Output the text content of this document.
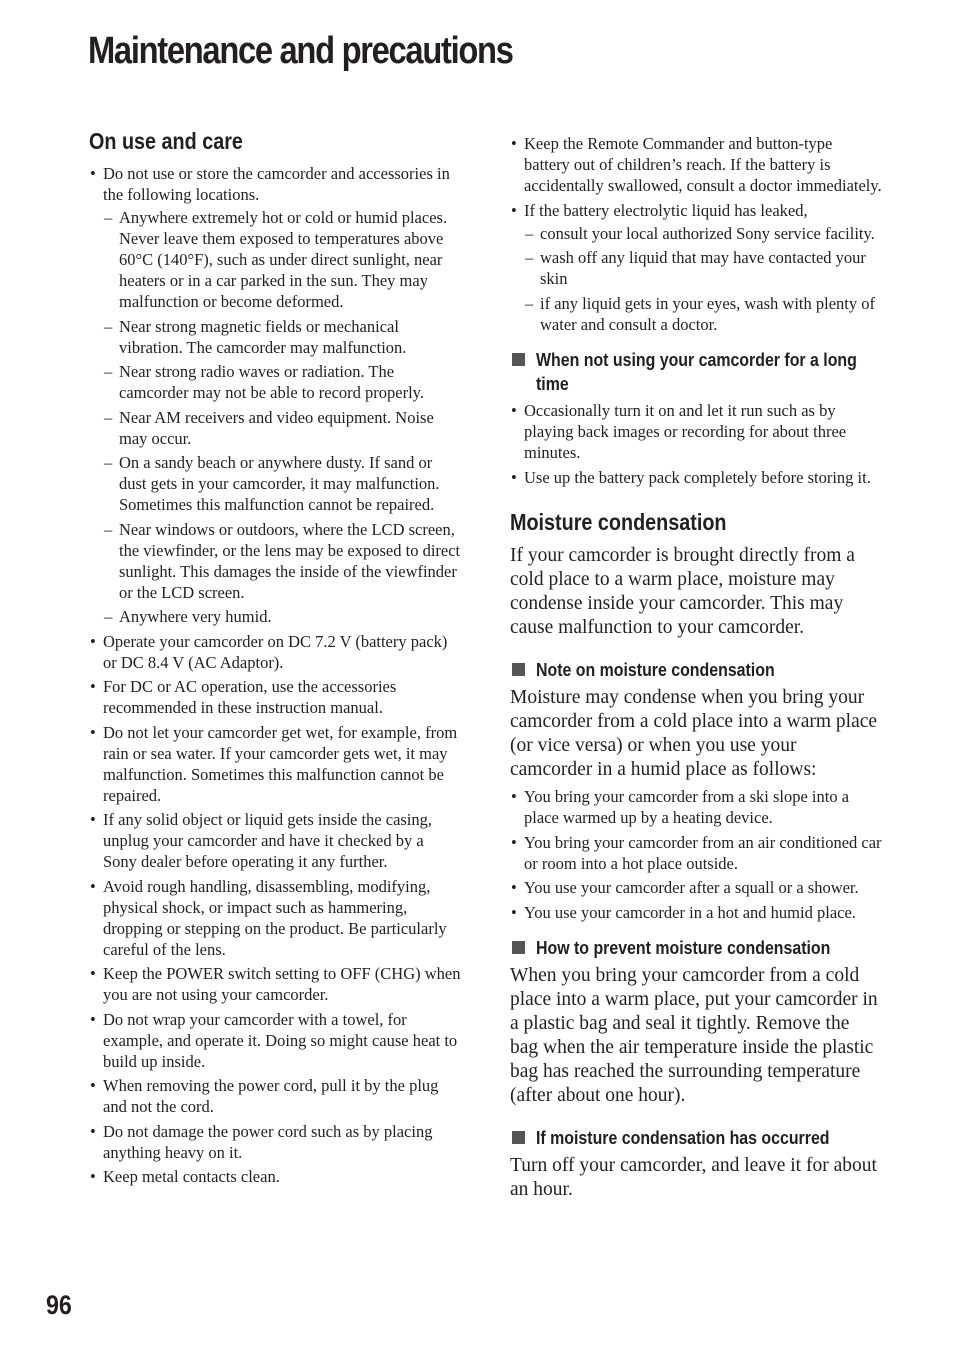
Maintenance and precautions
On use and care
• Do not use or store the camcorder and accessories in the following locations.
– Anywhere extremely hot or cold or humid places. Never leave them exposed to temperatures above 60°C (140°F), such as under direct sunlight, near heaters or in a car parked in the sun. They may malfunction or become deformed.
– Near strong magnetic fields or mechanical vibration. The camcorder may malfunction.
– Near strong radio waves or radiation. The camcorder may not be able to record properly.
– Near AM receivers and video equipment. Noise may occur.
– On a sandy beach or anywhere dusty. If sand or dust gets in your camcorder, it may malfunction. Sometimes this malfunction cannot be repaired.
– Near windows or outdoors, where the LCD screen, the viewfinder, or the lens may be exposed to direct sunlight. This damages the inside of the viewfinder or the LCD screen.
– Anywhere very humid.
• Operate your camcorder on DC 7.2 V (battery pack) or DC 8.4 V (AC Adaptor).
• For DC or AC operation, use the accessories recommended in these instruction manual.
• Do not let your camcorder get wet, for example, from rain or sea water. If your camcorder gets wet, it may malfunction. Sometimes this malfunction cannot be repaired.
• If any solid object or liquid gets inside the casing, unplug your camcorder and have it checked by a Sony dealer before operating it any further.
• Avoid rough handling, disassembling, modifying, physical shock, or impact such as hammering, dropping or stepping on the product. Be particularly careful of the lens.
• Keep the POWER switch setting to OFF (CHG) when you are not using your camcorder.
• Do not wrap your camcorder with a towel, for example, and operate it. Doing so might cause heat to build up inside.
• When removing the power cord, pull it by the plug and not the cord.
• Do not damage the power cord such as by placing anything heavy on it.
• Keep metal contacts clean.
• Keep the Remote Commander and button-type battery out of children’s reach. If the battery is accidentally swallowed, consult a doctor immediately.
• If the battery electrolytic liquid has leaked,
– consult your local authorized Sony service facility.
– wash off any liquid that may have contacted your skin
– if any liquid gets in your eyes, wash with plenty of water and consult a doctor.
When not using your camcorder for a long time
• Occasionally turn it on and let it run such as by playing back images or recording for about three minutes.
• Use up the battery pack completely before storing it.
Moisture condensation

If your camcorder is brought directly from a cold place to a warm place, moisture may condense inside your camcorder. This may cause malfunction to your camcorder.

Note on moisture condensation

Moisture may condense when you bring your camcorder from a cold place into a warm place (or vice versa) or when you use your camcorder in a humid place as follows:

• You bring your camcorder from a ski slope into a place warmed up by a heating device.
• You bring your camcorder from an air conditioned car or room into a hot place outside.
• You use your camcorder after a squall or a shower.
• You use your camcorder in a hot and humid place.
How to prevent moisture condensation

When you bring your camcorder from a cold place into a warm place, put your camcorder in a plastic bag and seal it tightly. Remove the bag when the air temperature inside the plastic bag has reached the surrounding temperature (after about one hour).

If moisture condensation has occurred

Turn off your camcorder, and leave it for about an hour.

96
